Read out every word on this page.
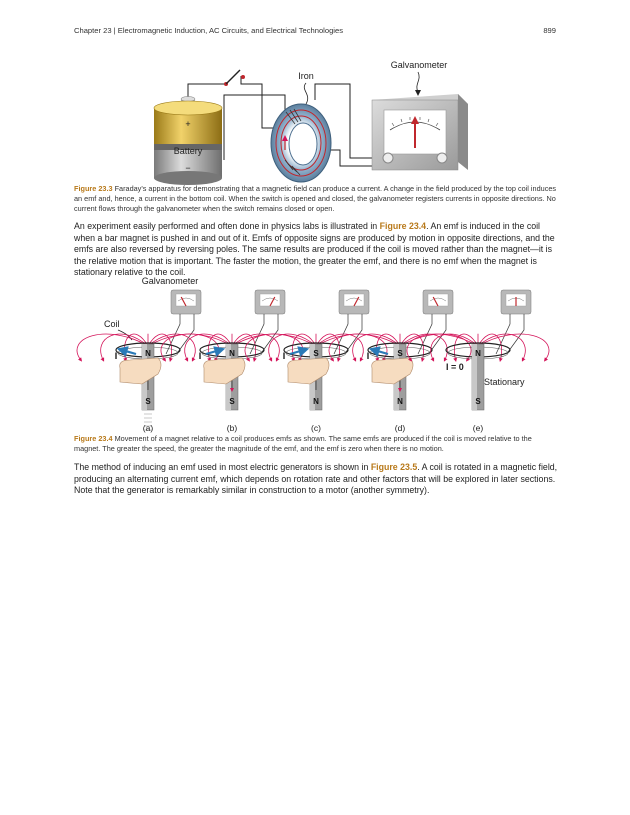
Chapter 23 | Electromagnetic Induction, AC Circuits, and Electrical Technologies	899
+
Battery
−
Iron
Galvanometer
Figure 23.3 Faraday's apparatus for demonstrating that a magnetic field can produce a current. A change in the field produced by the top coil induces an emf and, hence, a current in the bottom coil. When the switch is opened and closed, the galvanometer registers currents in opposite directions. No current flows through the galvanometer when the switch remains closed or open.
An experiment easily performed and often done in physics labs is illustrated in Figure 23.4. An emf is induced in the coil when a bar magnet is pushed in and out of it. Emfs of opposite signs are produced by motion in opposite directions, and the emfs are also reversed by reversing poles. The same results are produced if the coil is moved rather than the magnet—it is the relative motion that is important. The faster the motion, the greater the emf, and there is no emf when the magnet is stationary relative to the coil.
Galvanometer
Coil
N
S
I	N
S
I	S
N
I	S
N
I	N
S
I = 0
Stationary
(a)	(b)	(c)	(d)	(e)
Figure 23.4 Movement of a magnet relative to a coil produces emfs as shown. The same emfs are produced if the coil is moved relative to the magnet. The greater the speed, the greater the magnitude of the emf, and the emf is zero when there is no motion.
The method of inducing an emf used in most electric generators is shown in Figure 23.5. A coil is rotated in a magnetic field, producing an alternating current emf, which depends on rotation rate and other factors that will be explored in later sections. Note that the generator is remarkably similar in construction to a motor (another symmetry).
